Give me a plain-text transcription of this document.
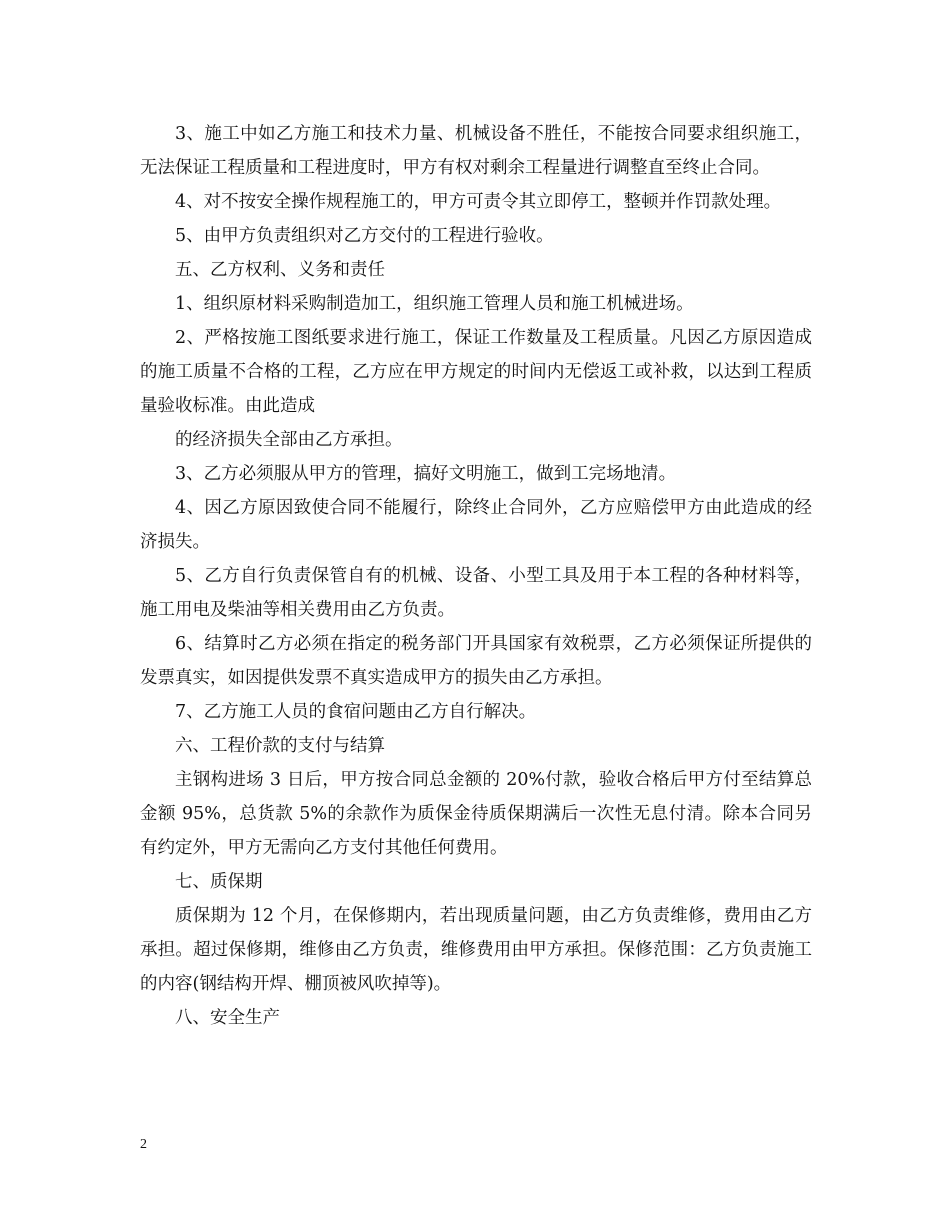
3、施工中如乙方施工和技术力量、机械设备不胜任，不能按合同要求组织施工，无法保证工程质量和工程进度时，甲方有权对剩余工程量进行调整直至终止合同。

4、对不按安全操作规程施工的，甲方可责令其立即停工，整顿并作罚款处理。

5、由甲方负责组织对乙方交付的工程进行验收。

五、乙方权利、义务和责任

1、组织原材料采购制造加工，组织施工管理人员和施工机械进场。

2、严格按施工图纸要求进行施工，保证工作数量及工程质量。凡因乙方原因造成的施工质量不合格的工程，乙方应在甲方规定的时间内无偿返工或补救，以达到工程质量验收标准。由此造成

的经济损失全部由乙方承担。

3、乙方必须服从甲方的管理，搞好文明施工，做到工完场地清。

4、因乙方原因致使合同不能履行，除终止合同外，乙方应赔偿甲方由此造成的经济损失。

5、乙方自行负责保管自有的机械、设备、小型工具及用于本工程的各种材料等，施工用电及柴油等相关费用由乙方负责。

6、结算时乙方必须在指定的税务部门开具国家有效税票，乙方必须保证所提供的发票真实，如因提供发票不真实造成甲方的损失由乙方承担。

7、乙方施工人员的食宿问题由乙方自行解决。

六、工程价款的支付与结算

主钢构进场 3 日后，甲方按合同总金额的 20%付款，验收合格后甲方付至结算总金额 95%，总货款 5%的余款作为质保金待质保期满后一次性无息付清。除本合同另有约定外，甲方无需向乙方支付其他任何费用。

七、质保期

质保期为 12 个月，在保修期内，若出现质量问题，由乙方负责维修，费用由乙方承担。超过保修期，维修由乙方负责，维修费用由甲方承担。保修范围：乙方负责施工的内容(钢结构开焊、棚顶被风吹掉等)。

八、安全生产

2
